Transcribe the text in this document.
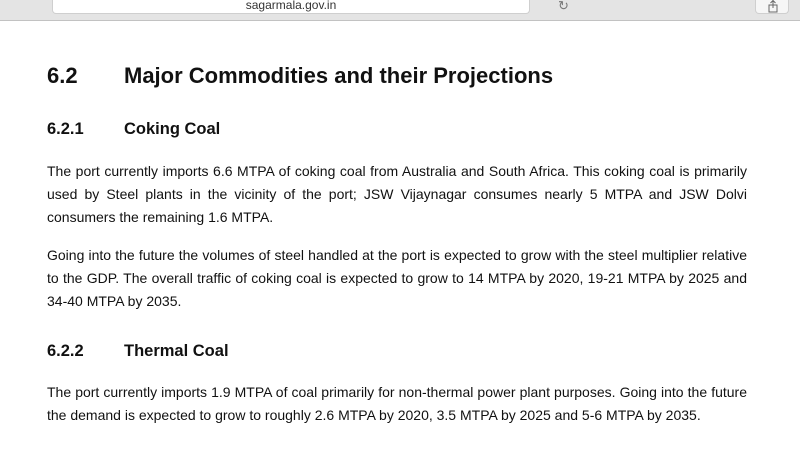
sagarmala.gov.in	↻
6.2 Major Commodities and their Projections
6.2.1 Coking Coal
The port currently imports 6.6 MTPA of coking coal from Australia and South Africa. This coking coal is primarily used by Steel plants in the vicinity of the port; JSW Vijaynagar consumes nearly 5 MTPA and JSW Dolvi consumers the remaining 1.6 MTPA.
Going into the future the volumes of steel handled at the port is expected to grow with the steel multiplier relative to the GDP. The overall traffic of coking coal is expected to grow to 14 MTPA by 2020, 19-21 MTPA by 2025 and 34-40 MTPA by 2035.
6.2.2 Thermal Coal
The port currently imports 1.9 MTPA of coal primarily for non-thermal power plant purposes. Going into the future the demand is expected to grow to roughly 2.6 MTPA by 2020, 3.5 MTPA by 2025 and 5-6 MTPA by 2035.
